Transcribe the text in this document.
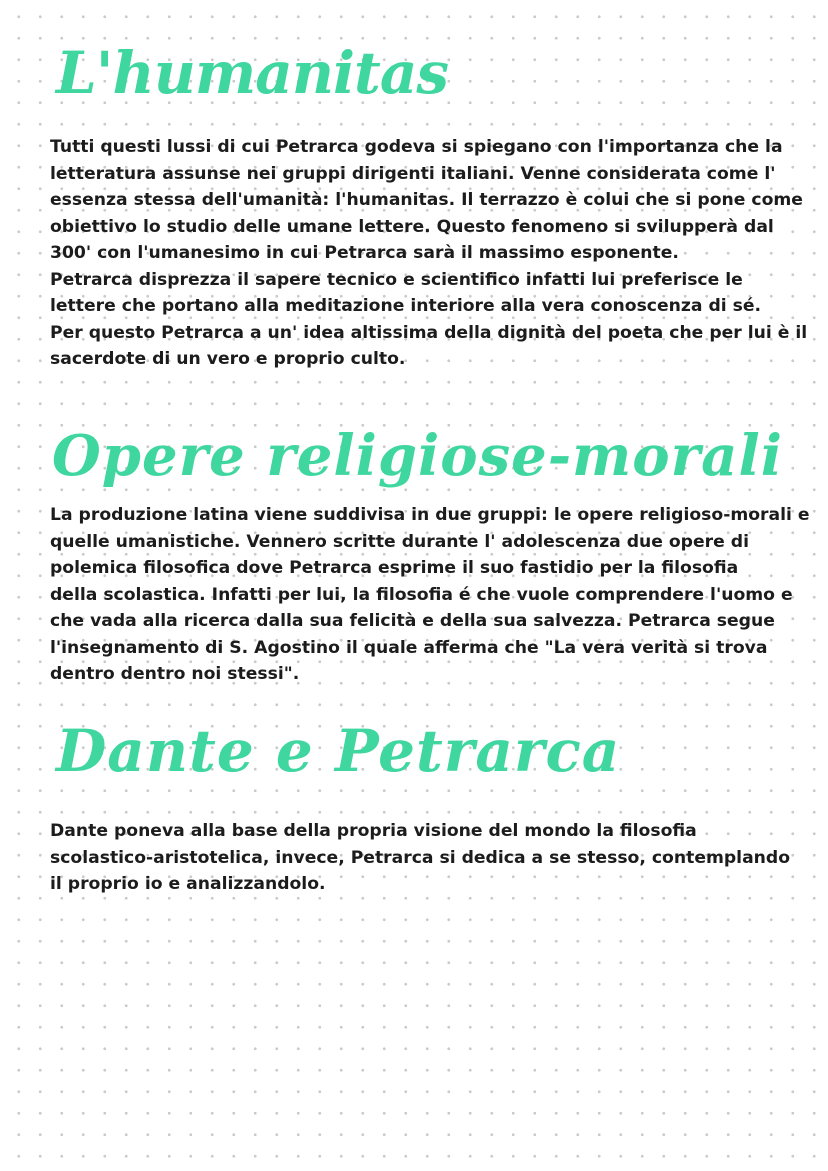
L'humanitas

Tutti questi lussi di cui Petrarca godeva si spiegano con l'importanza che la
letteratura assunse nei gruppi dirigenti italiani. Venne considerata come l'
essenza stessa dell'umanità: l'humanitas. Il terrazzo è colui che si pone come
obiettivo lo studio delle umane lettere. Questo fenomeno si svilupperà dal
300' con l'umanesimo in cui Petrarca sarà il massimo esponente.
Petrarca disprezza il sapere tecnico e scientifico infatti lui preferisce le
lettere che portano alla meditazione interiore alla vera conoscenza di sé.
Per questo Petrarca a un' idea altissima della dignità del poeta che per lui è il
sacerdote di un vero e proprio culto.

Opere religiose-morali

La produzione latina viene suddivisa in due gruppi: le opere religioso-morali e
quelle umanistiche. Vennero scritte durante l' adolescenza due opere di
polemica filosofica dove Petrarca esprime il suo fastidio per la filosofia
della scolastica. Infatti per lui, la filosofia é che vuole comprendere l'uomo e
che vada alla ricerca dalla sua felicità e della sua salvezza. Petrarca segue
l'insegnamento di S. Agostino il quale afferma che "La vera verità si trova
dentro dentro noi stessi".

Dante e Petrarca

Dante poneva alla base della propria visione del mondo la filosofia
scolastico-aristotelica, invece, Petrarca si dedica a se stesso, contemplando
il proprio io e analizzandolo.
